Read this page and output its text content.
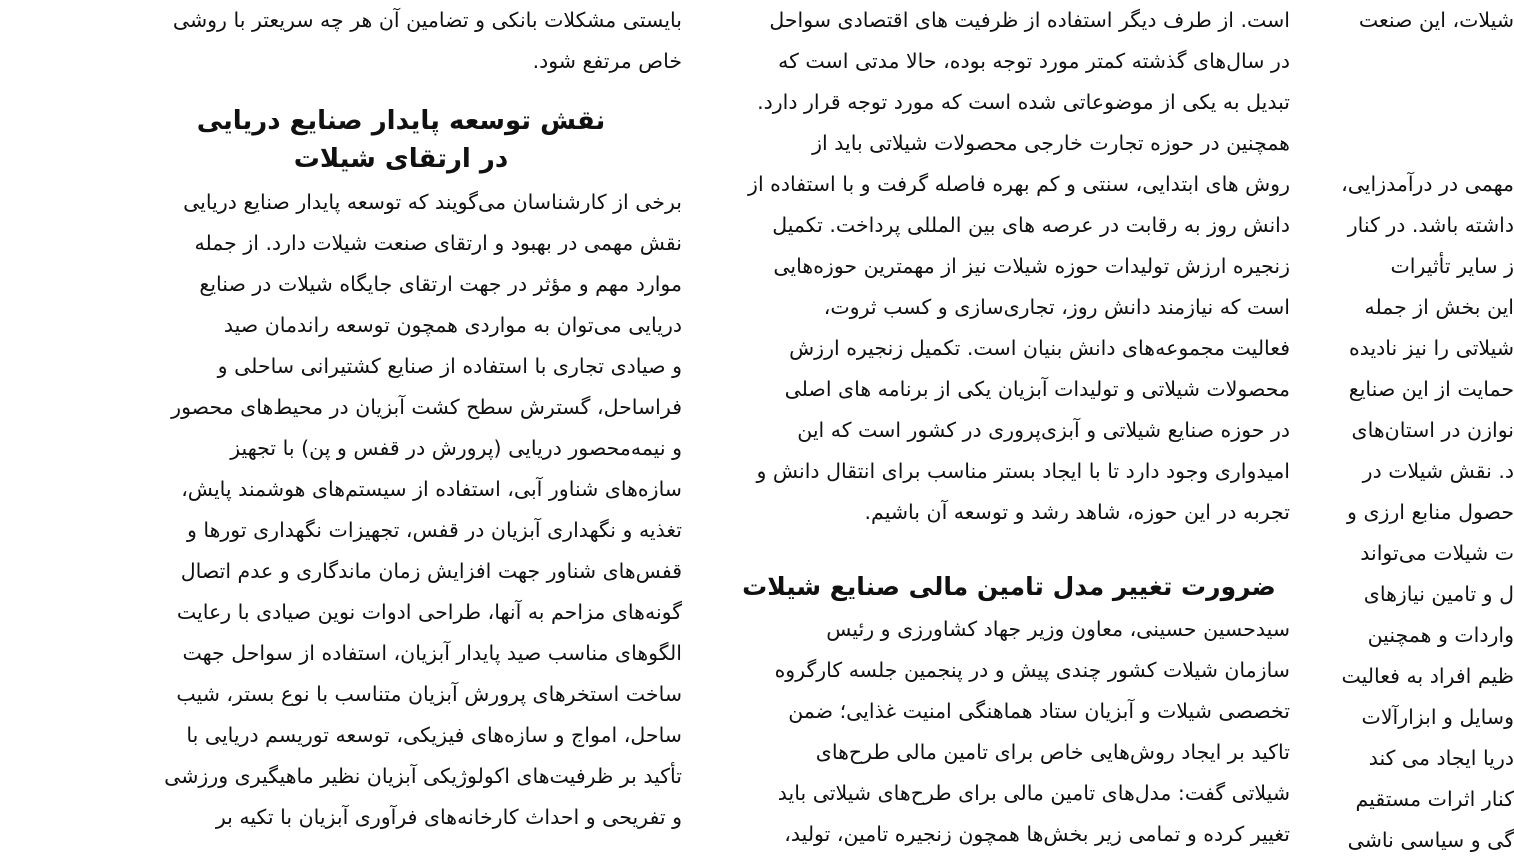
بایستی مشکلات بانکی و تضامین آن هر چه سریعتر با روشی

خاص مرتفع شود.

نقش توسعه پایدار صنایع دریایی
در ارتقای شیلات

برخی از کارشناسان می‌گویند که توسعه پایدار صنایع دریایی

نقش مهمی در بهبود و ارتقای صنعت شیلات دارد. از جمله

موارد مهم و مؤثر در جهت ارتقای جایگاه شیلات در صنایع

دریایی می‌توان به مواردی همچون توسعه راندمان صید

و صیادی تجاری با استفاده از صنایع کشتیرانی ساحلی و

فراساحل، گسترش سطح کشت آبزیان در محیط‌های محصور

و نیمه‌محصور دریایی (پرورش در قفس و پن) با تجهیز

سازه‌های شناور آبی، استفاده از سیستم‌های هوشمند پایش،

تغذیه و نگهداری آبزیان در قفس، تجهیزات نگهداری تورها و

قفس‌های شناور جهت افزایش زمان ماندگاری و عدم اتصال

گونه‌های مزاحم به آنها، طراحی ادوات نوین صیادی با رعایت

الگوهای مناسب صید پایدار آبزیان، استفاده از سواحل جهت

ساخت استخرهای پرورش آبزیان متناسب با نوع بستر، شیب

ساحل، امواج و سازه‌های فیزیکی، توسعه توریسم دریایی با

تأکید بر ظرفیت‌های اکولوژیکی آبزیان نظیر ماهیگیری ورزشی

و تفریحی و احداث کارخانه‌های فرآوری آبزیان با تکیه بر

است. از طرف دیگر استفاده از ظرفیت های اقتصادی سواحل

در سال‌های گذشته کمتر مورد توجه بوده، حالا مدتی است که

تبدیل به یکی از موضوعاتی شده است که مورد توجه قرار دارد.

همچنین در حوزه تجارت خارجی محصولات شیلاتی باید از

روش های ابتدایی، سنتی و کم بهره فاصله گرفت و با استفاده از

دانش روز به رقابت در عرصه های بین المللی پرداخت. تکمیل

زنجیره ارزش تولیدات حوزه شیلات نیز از مهمترین حوزه‌هایی

است که نیازمند دانش روز، تجاری‌سازی و کسب ثروت،

فعالیت مجموعه‌های دانش بنیان است. تکمیل زنجیره ارزش

محصولات شیلاتی و تولیدات آبزیان یکی از برنامه های اصلی

در حوزه صنایع شیلاتی و آبزی‌پروری در کشور است که این

امیدواری وجود دارد تا با ایجاد بستر مناسب برای انتقال دانش و

تجربه در این حوزه، شاهد رشد و توسعه آن باشیم.

ضرورت تغییر مدل تامین مالی صنایع شیلات

سیدحسین حسینی، معاون وزیر جهاد کشاورزی و رئیس

سازمان شیلات کشور چندی پیش و در پنجمین جلسه کارگروه

تخصصی شیلات و آبزیان ستاد هماهنگی امنیت غذایی؛ ضمن

تاکید بر ایجاد روش‌هایی خاص برای تامین مالی طرح‌های

شیلاتی گفت: مدل‌های تامین مالی برای طرح‌های شیلاتی باید

تغییر کرده و تمامی زیر بخش‌ها همچون زنجیره تامین، تولید،

شیلات، این صنعت

مهمی در درآمدزایی،

داشته باشد. در کنار

ز سایر تأثیرات

این بخش از جمله

شیلاتی را نیز نادیده

حمایت از این صنایع

نوازن در استان‌های

د. نقش شیلات در

حصول منابع ارزی و

ت شیلات می‌تواند

ل و تامین نیازهای

واردات و همچنین

ظیم افراد به فعالیت

وسایل و ابزارآلات

دریا ایجاد می کند

کنار اثرات مستقیم

گی و سیاسی ناشی
